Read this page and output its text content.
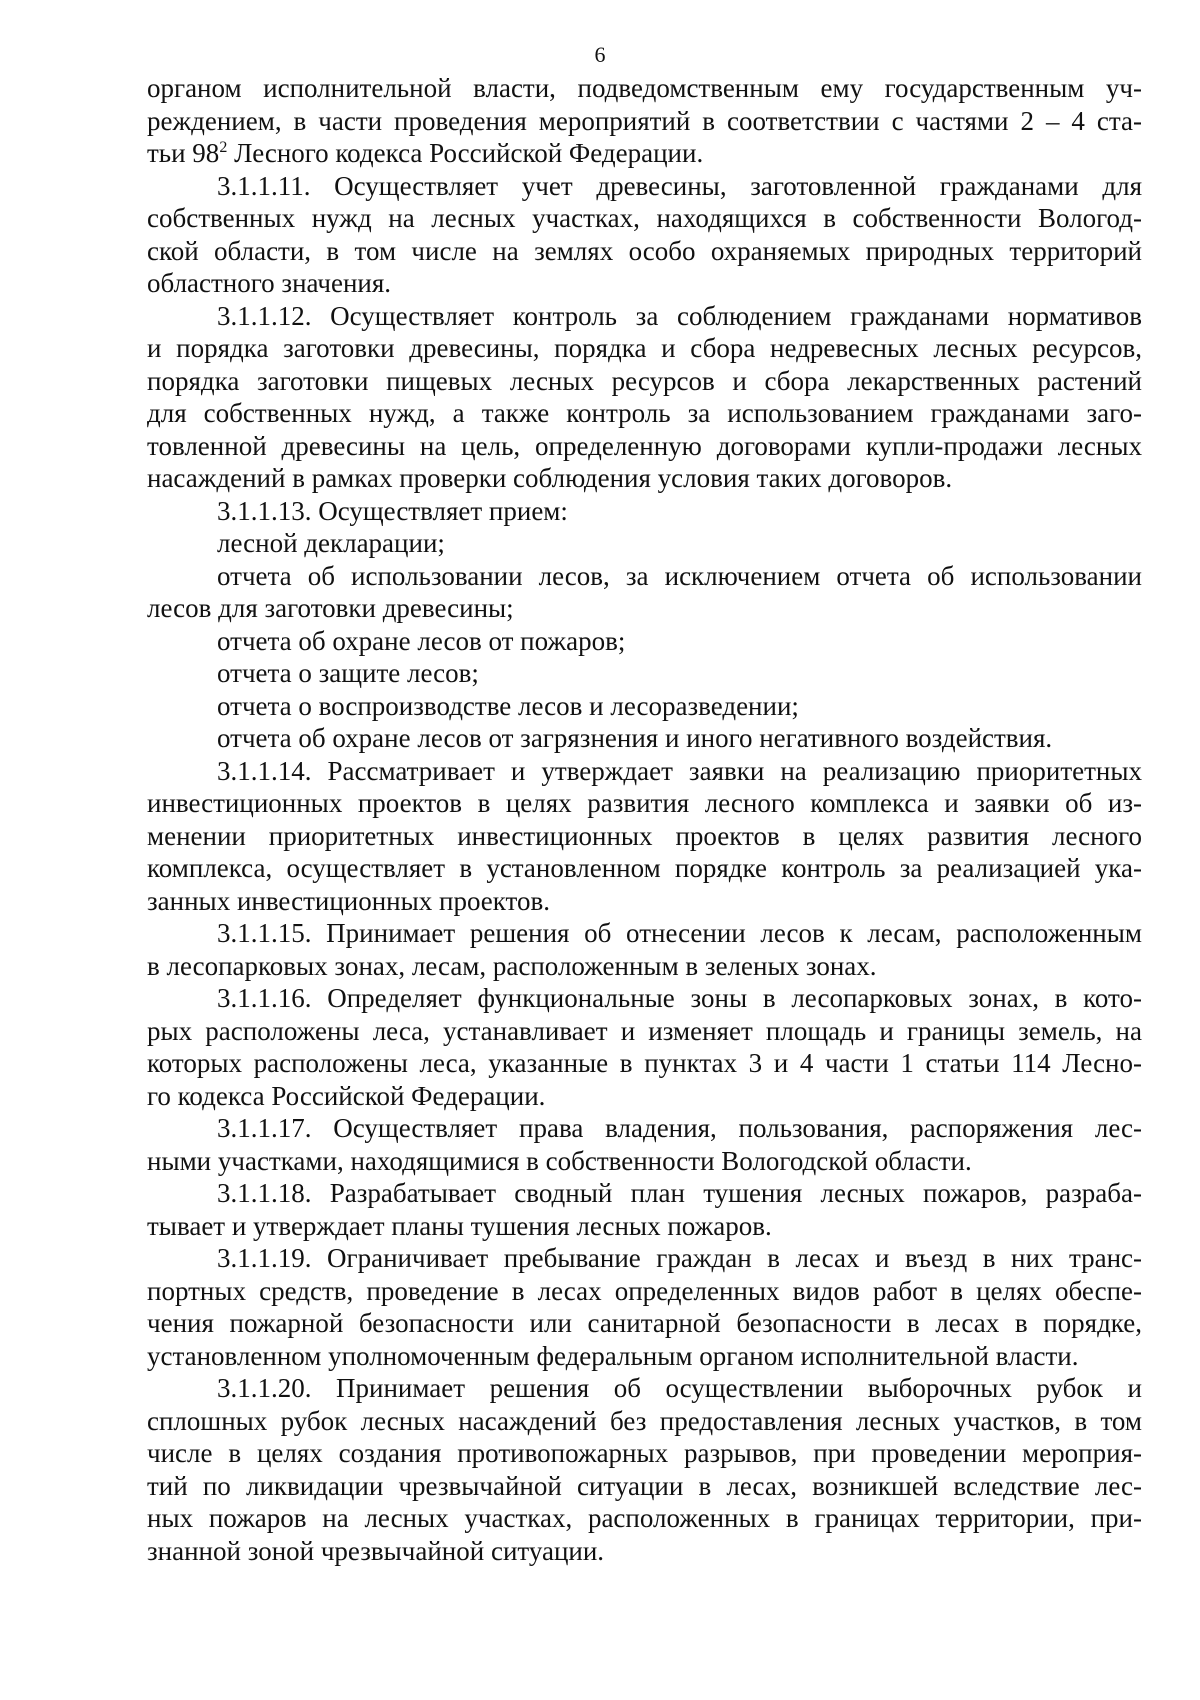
6
органом исполнительной власти, подведомственным ему государственным уч-
реждением, в части проведения мероприятий в соответствии с частями 2 – 4 ста-
тьи $98^2$ Лесного кодекса Российской Федерации.
3.1.1.11. Осуществляет учет древесины, заготовленной гражданами для
собственных нужд на лесных участках, находящихся в собственности Вологод-
ской области, в том числе на землях особо охраняемых природных территорий
областного значения.
3.1.1.12. Осуществляет контроль за соблюдением гражданами нормативов
и порядка заготовки древесины, порядка и сбора недревесных лесных ресурсов,
порядка заготовки пищевых лесных ресурсов и сбора лекарственных растений
для собственных нужд, а также контроль за использованием гражданами заго-
товленной древесины на цель, определенную договорами купли-продажи лесных
насаждений в рамках проверки соблюдения условия таких договоров.
3.1.1.13. Осуществляет прием:
лесной декларации;
отчета об использовании лесов, за исключением отчета об использовании
лесов для заготовки древесины;
отчета об охране лесов от пожаров;
отчета о защите лесов;
отчета о воспроизводстве лесов и лесоразведении;
отчета об охране лесов от загрязнения и иного негативного воздействия.
3.1.1.14. Рассматривает и утверждает заявки на реализацию приоритетных
инвестиционных проектов в целях развития лесного комплекса и заявки об из-
менении приоритетных инвестиционных проектов в целях развития лесного
комплекса, осуществляет в установленном порядке контроль за реализацией ука-
занных инвестиционных проектов.
3.1.1.15. Принимает решения об отнесении лесов к лесам, расположенным
в лесопарковых зонах, лесам, расположенным в зеленых зонах.
3.1.1.16. Определяет функциональные зоны в лесопарковых зонах, в кото-
рых расположены леса, устанавливает и изменяет площадь и границы земель, на
которых расположены леса, указанные в пунктах 3 и 4 части 1 статьи 114 Лесно-
го кодекса Российской Федерации.
3.1.1.17. Осуществляет права владения, пользования, распоряжения лес-
ными участками, находящимися в собственности Вологодской области.
3.1.1.18. Разрабатывает сводный план тушения лесных пожаров, разраба-
тывает и утверждает планы тушения лесных пожаров.
3.1.1.19. Ограничивает пребывание граждан в лесах и въезд в них транс-
портных средств, проведение в лесах определенных видов работ в целях обеспе-
чения пожарной безопасности или санитарной безопасности в лесах в порядке,
установленном уполномоченным федеральным органом исполнительной власти.
3.1.1.20. Принимает решения об осуществлении выборочных рубок и
сплошных рубок лесных насаждений без предоставления лесных участков, в том
числе в целях создания противопожарных разрывов, при проведении мероприя-
тий по ликвидации чрезвычайной ситуации в лесах, возникшей вследствие лес-
ных пожаров на лесных участках, расположенных в границах территории, при-
знанной зоной чрезвычайной ситуации.
